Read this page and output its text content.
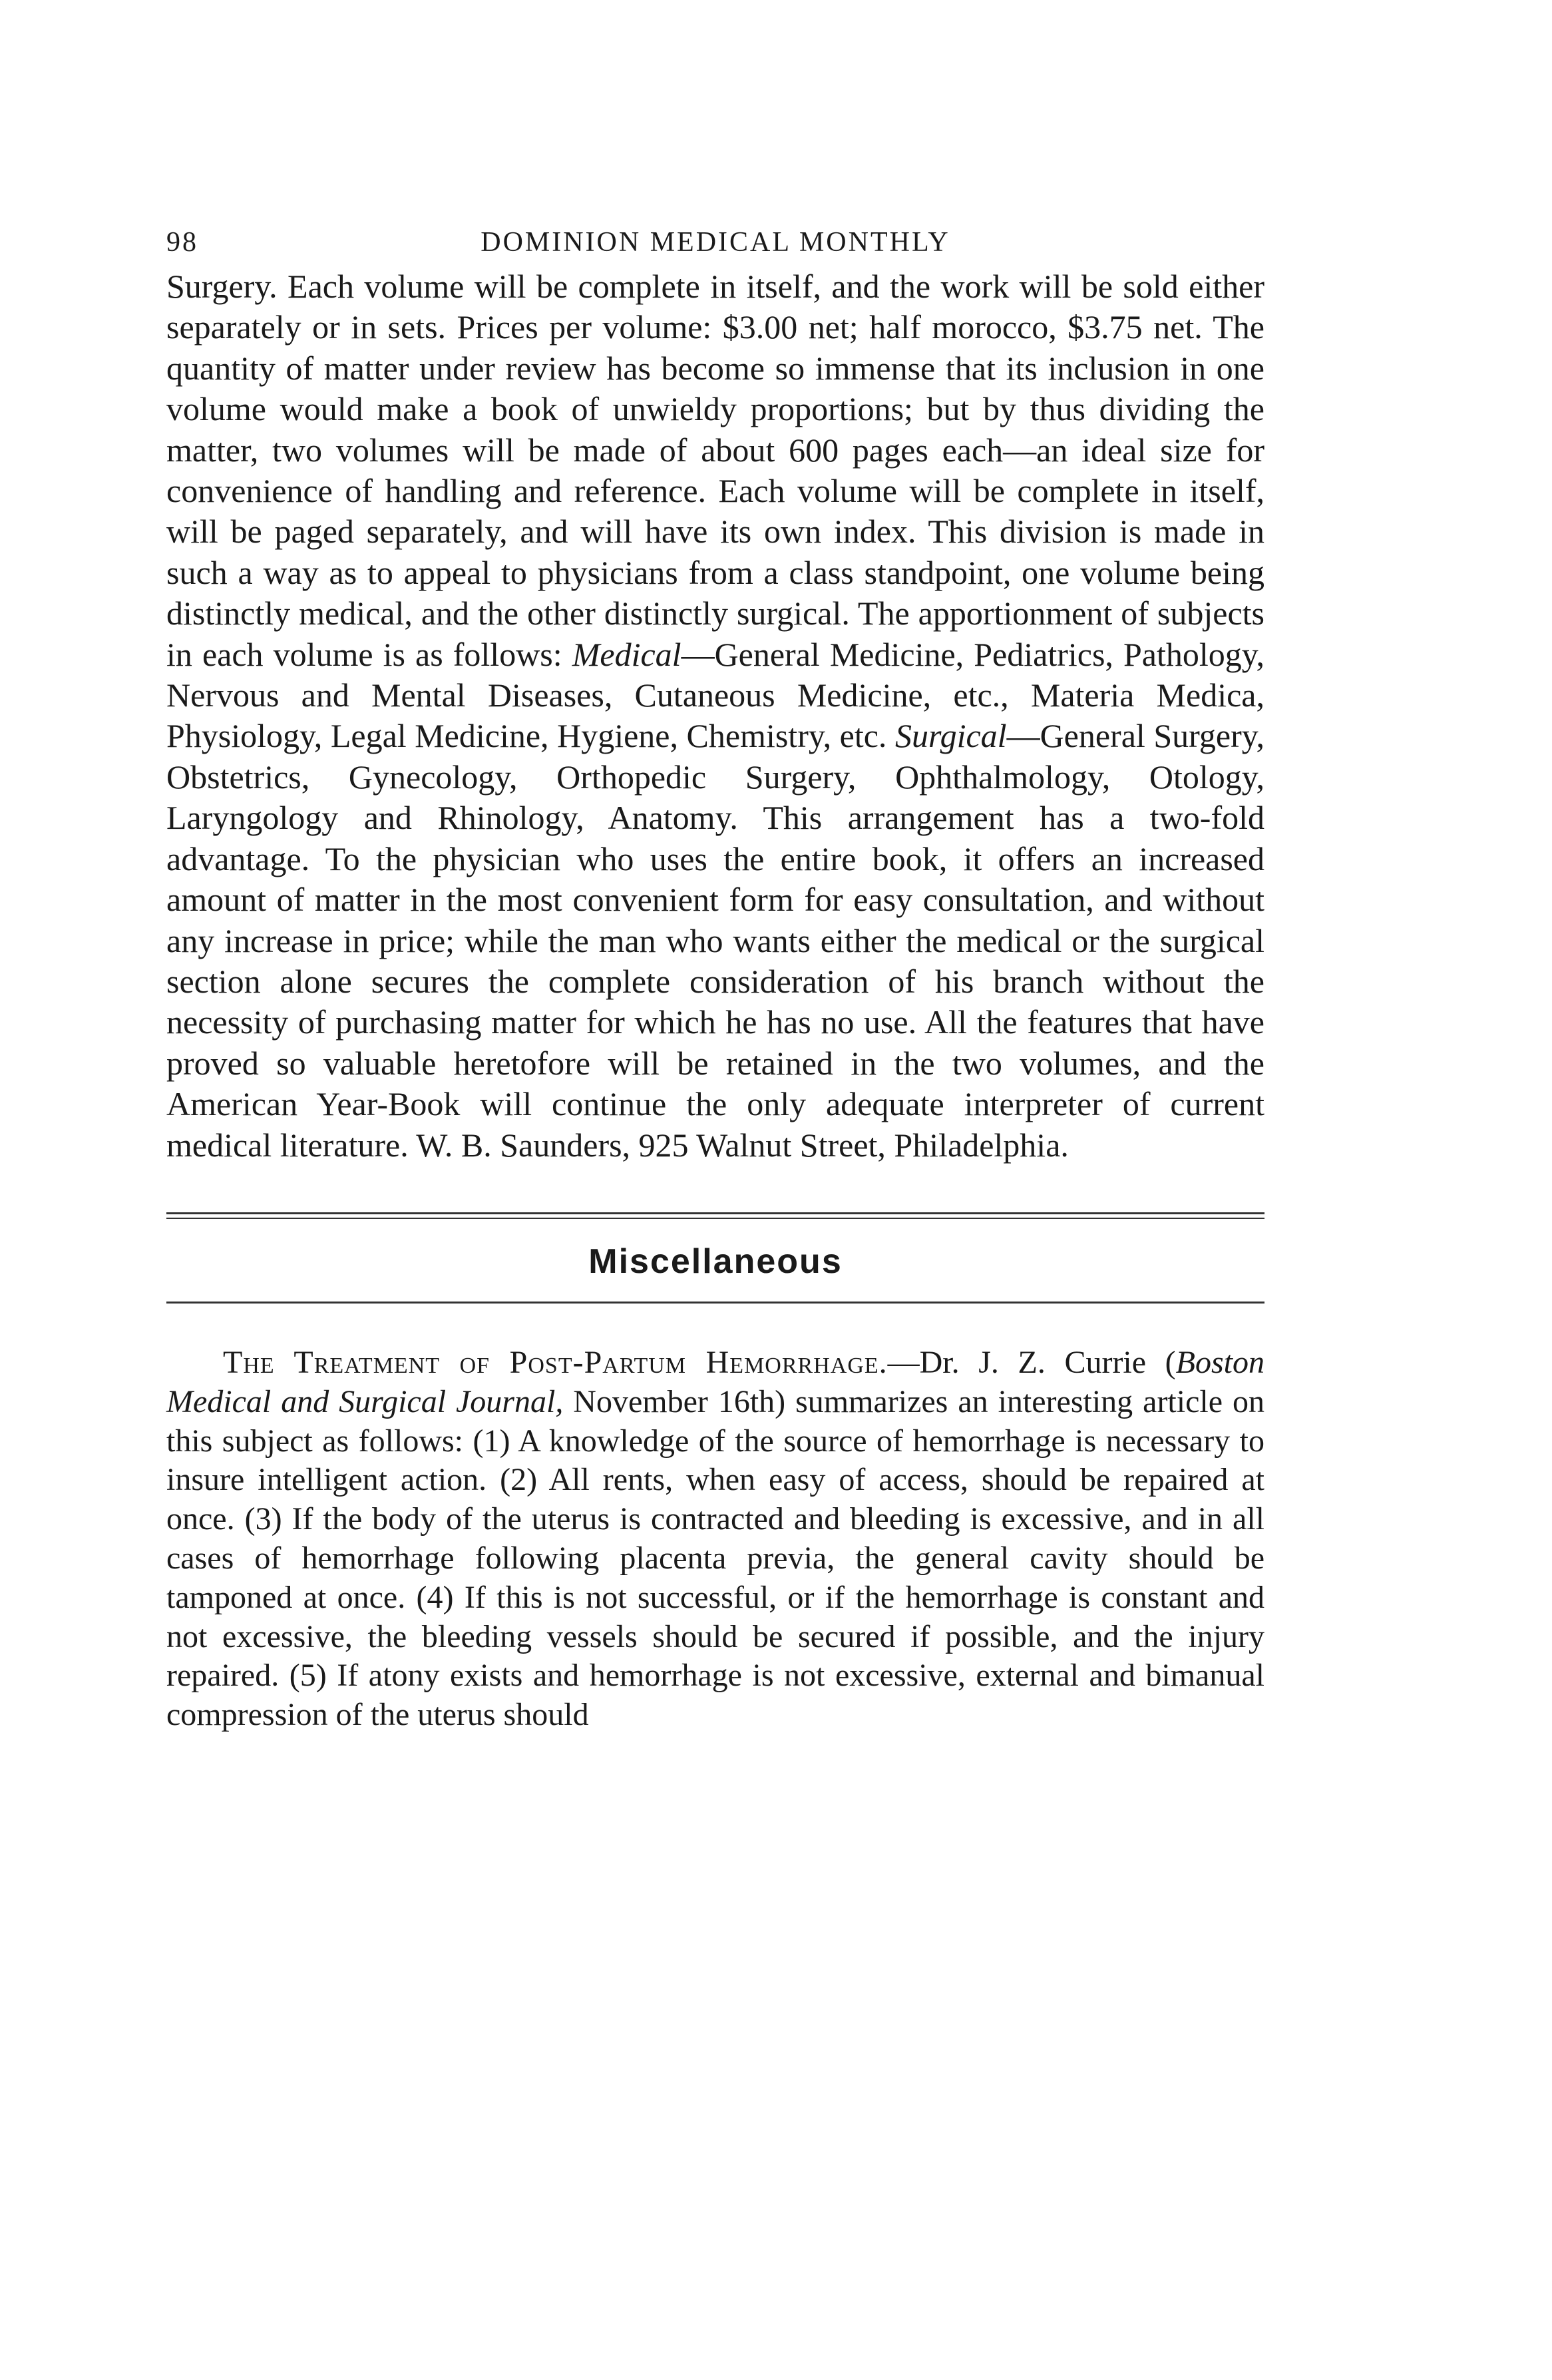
98	DOMINION MEDICAL MONTHLY

Surgery. Each volume will be complete in itself, and the work will be sold either separately or in sets. Prices per volume: $3.00 net; half morocco, $3.75 net. The quantity of matter under review has become so immense that its inclusion in one volume would make a book of unwieldy proportions; but by thus dividing the matter, two volumes will be made of about 600 pages each—an ideal size for convenience of handling and reference. Each volume will be complete in itself, will be paged separately, and will have its own index. This division is made in such a way as to appeal to physicians from a class standpoint, one volume being distinctly medical, and the other distinctly surgical. The apportionment of subjects in each volume is as follows: Medical—General Medicine, Pediatrics, Pathology, Nervous and Mental Diseases, Cutaneous Medicine, etc., Materia Medica, Physiology, Legal Medicine, Hygiene, Chemistry, etc. Surgical—General Surgery, Obstetrics, Gynecology, Orthopedic Surgery, Ophthalmology, Otology, Laryngology and Rhinology, Anatomy. This arrangement has a two-fold advantage. To the physician who uses the entire book, it offers an increased amount of matter in the most convenient form for easy consultation, and without any increase in price; while the man who wants either the medical or the surgical section alone secures the complete consideration of his branch without the necessity of purchasing matter for which he has no use. All the features that have proved so valuable heretofore will be retained in the two volumes, and the American Year-Book will continue the only adequate interpreter of current medical literature. W. B. Saunders, 925 Walnut Street, Philadelphia.

Miscellaneous

The Treatment of Post-Partum Hemorrhage.—Dr. J. Z. Currie (Boston Medical and Surgical Journal, November 16th) summarizes an interesting article on this subject as follows: (1) A knowledge of the source of hemorrhage is necessary to insure intelligent action. (2) All rents, when easy of access, should be repaired at once. (3) If the body of the uterus is contracted and bleeding is excessive, and in all cases of hemorrhage following placenta previa, the general cavity should be tamponed at once. (4) If this is not successful, or if the hemorrhage is constant and not excessive, the bleeding vessels should be secured if possible, and the injury repaired. (5) If atony exists and hemorrhage is not excessive, external and bimanual compression of the uterus should
